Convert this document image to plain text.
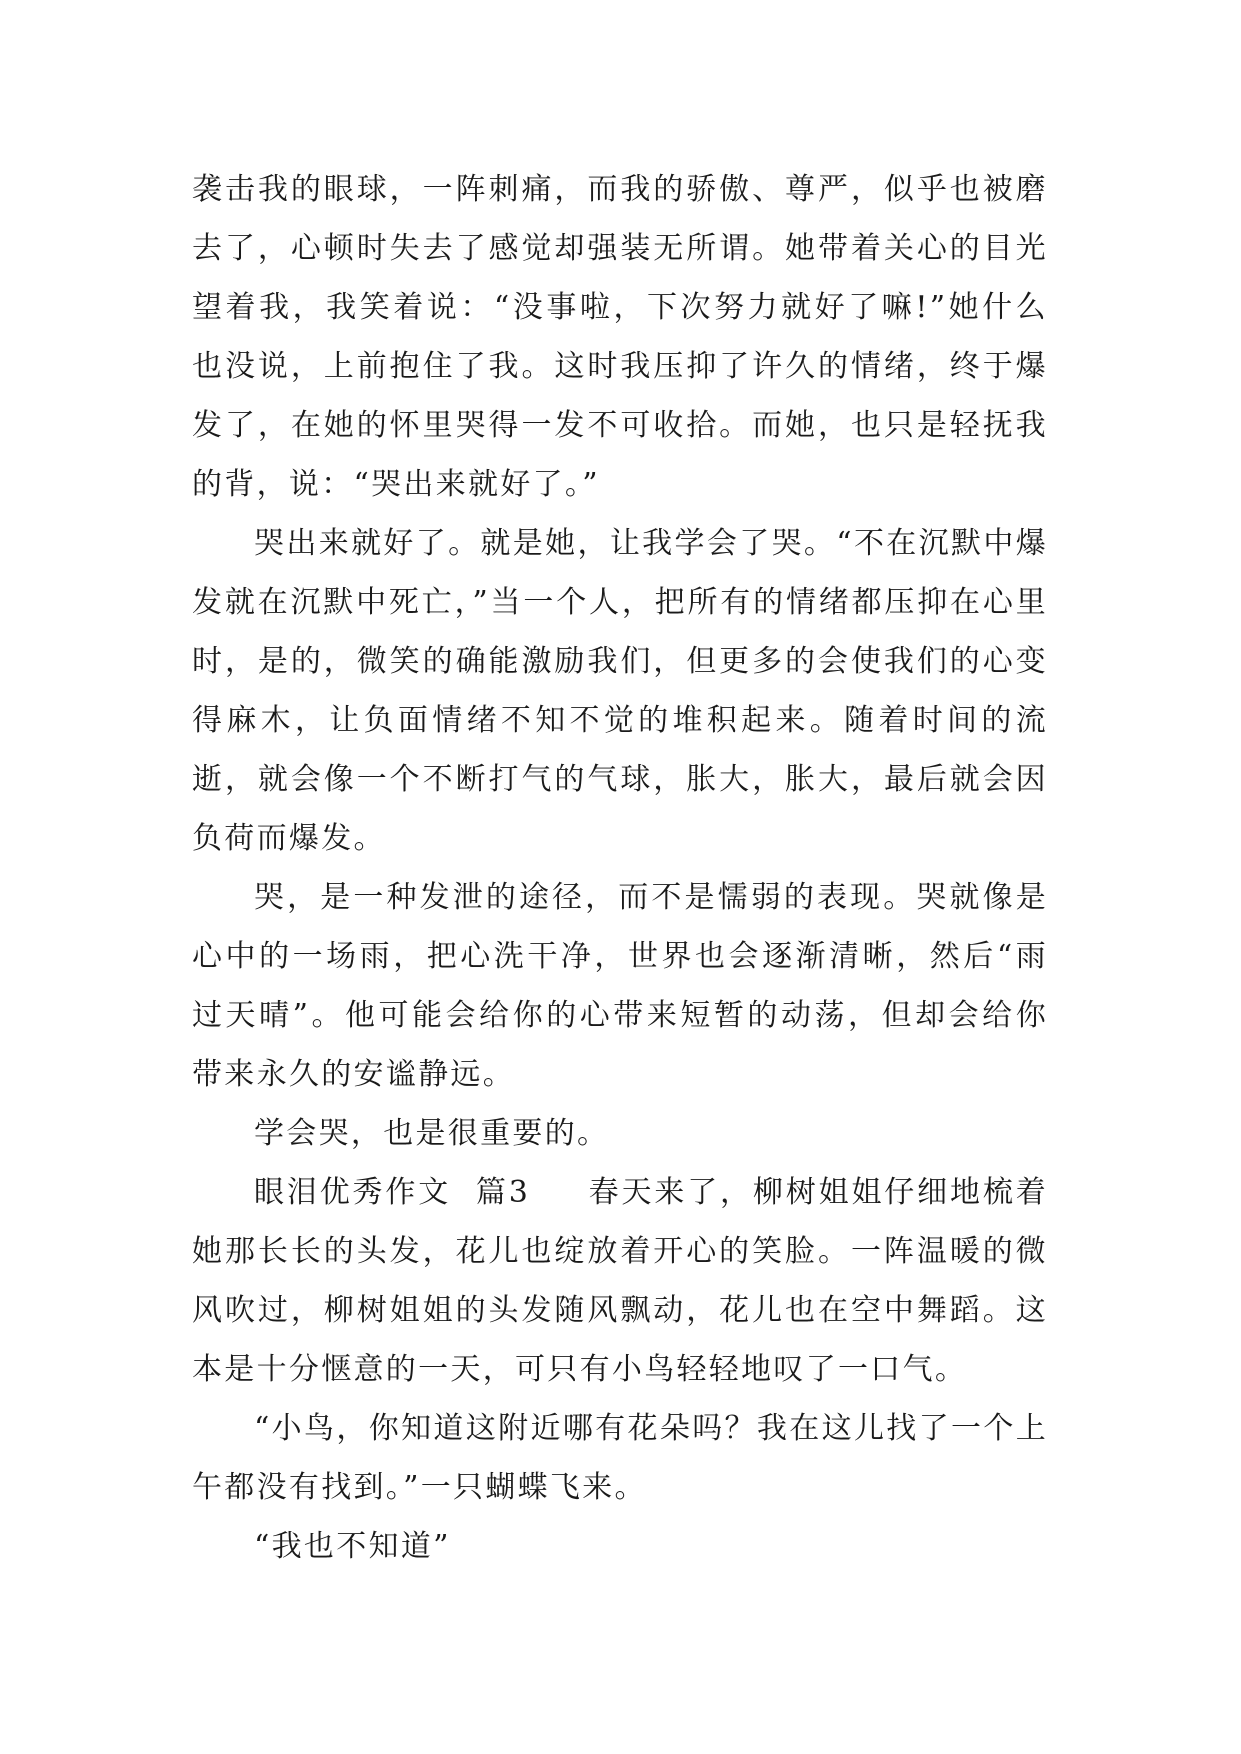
袭击我的眼球，一阵刺痛，而我的骄傲、尊严，似乎也被磨去了，心顿时失去了感觉却强装无所谓。她带着关心的目光望着我，我笑着说：“没事啦，下次努力就好了嘛!”她什么也没说，上前抱住了我。这时我压抑了许久的情绪，终于爆发了，在她的怀里哭得一发不可收拾。而她，也只是轻抚我的背，说：“哭出来就好了。”

哭出来就好了。就是她，让我学会了哭。“不在沉默中爆发就在沉默中死亡，”当一个人，把所有的情绪都压抑在心里时，是的，微笑的确能激励我们，但更多的会使我们的心变得麻木，让负面情绪不知不觉的堆积起来。随着时间的流逝，就会像一个不断打气的气球，胀大，胀大，最后就会因负荷而爆发。

哭，是一种发泄的途径，而不是懦弱的表现。哭就像是心中的一场雨，把心洗干净，世界也会逐渐清晰，然后“雨过天晴”。他可能会给你的心带来短暂的动荡，但却会给你带来永久的安谧静远。

学会哭，也是很重要的。

眼泪优秀作文  篇3 春天来了，柳树姐姐仔细地梳着她那长长的头发，花儿也绽放着开心的笑脸。一阵温暖的微风吹过，柳树姐姐的头发随风飘动，花儿也在空中舞蹈。这本是十分惬意的一天，可只有小鸟轻轻地叹了一口气。

“小鸟，你知道这附近哪有花朵吗？我在这儿找了一个上午都没有找到。”一只蝴蝶飞来。

“我也不知道”
